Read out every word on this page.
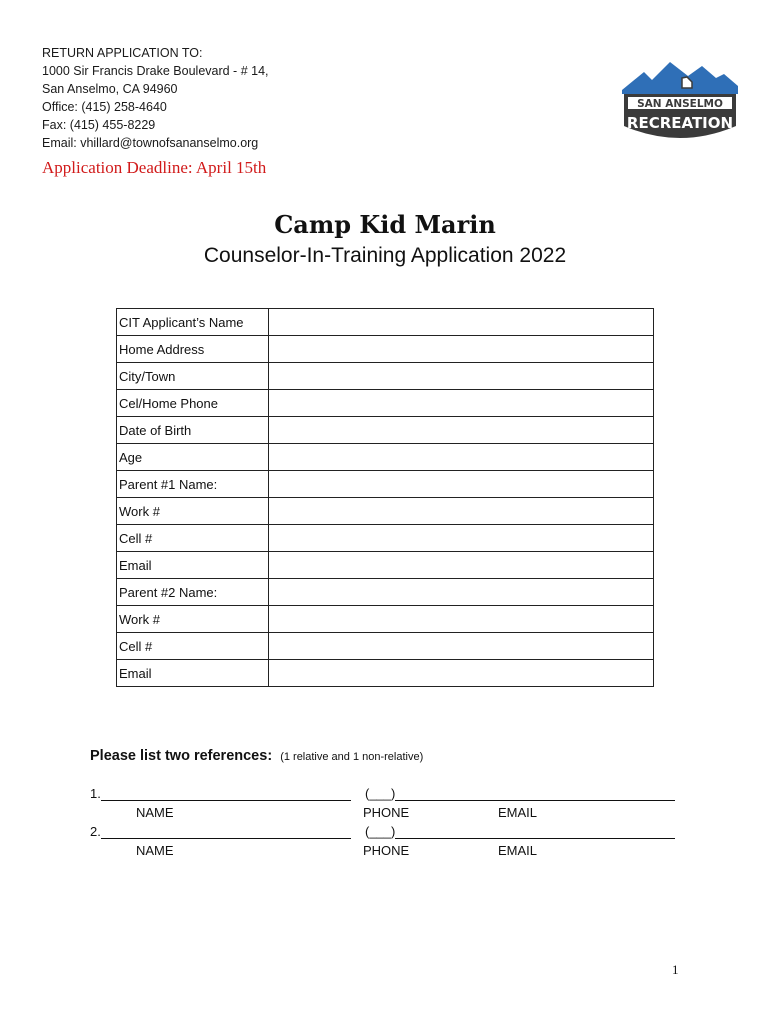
RETURN APPLICATION TO:
1000 Sir Francis Drake Boulevard - # 14,
San Anselmo, CA 94960
Office: (415) 258-4640
Fax: (415) 455-8229
Email: vhillard@townofsananselmo.org
SAN ANSELMO
RECREATION
Application Deadline: April 15th
Camp Kid Marin
Counselor-In-Training Application 2022
CIT Applicant’s Name	
Home Address	
City/Town	
Cel/Home Phone	
Date of Birth	
Age	
Parent #1 Name:	
Work #	
Cell #	
Email	
Parent #2 Name:	
Work #	
Cell #	
Email	
Please list two references: (1 relative and 1 non-relative)
1.	(___)
NAME	PHONE	EMAIL
2.	(___)
NAME	PHONE	EMAIL
1
